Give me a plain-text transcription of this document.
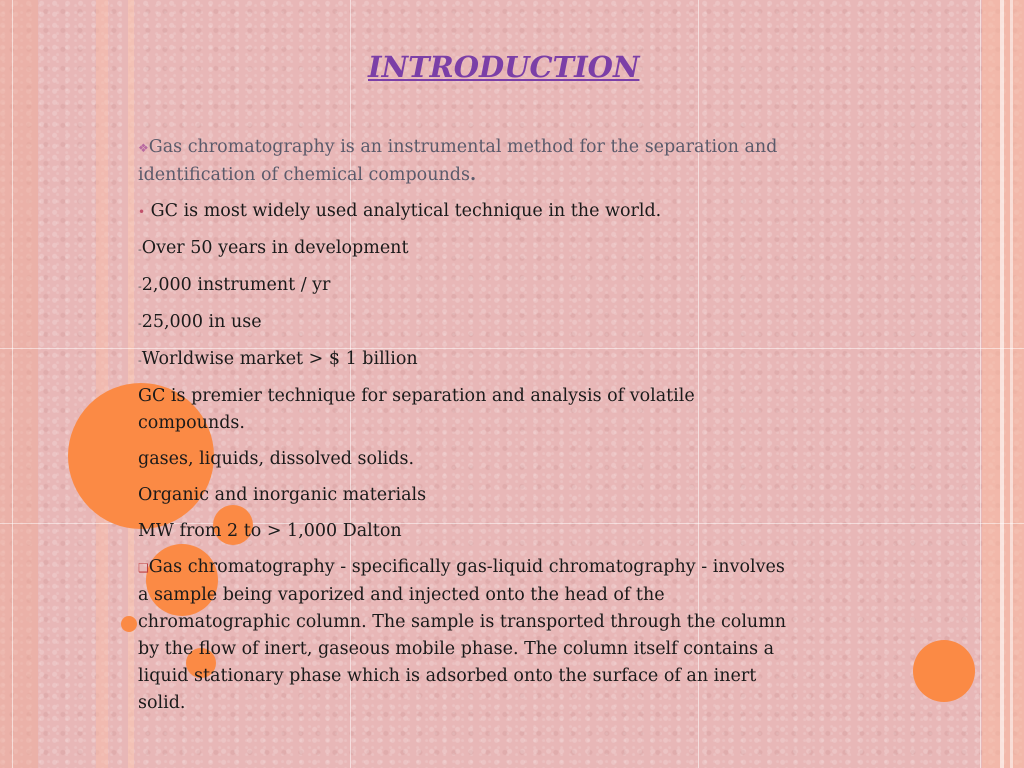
INTRODUCTION

❖Gas chromatography is an instrumental method for the separation and

identification of chemical compounds.

• GC is most widely used analytical technique in the world.

-Over 50 years in development

-2,000 instrument / yr

-25,000 in use

-Worldwise market > $ 1 billion

GC is premier technique for separation and analysis of volatile

compounds.

gases, liquids, dissolved solids.

Organic and inorganic materials

MW from 2 to > 1,000 Dalton

❑Gas chromatography - specifically gas-liquid chromatography - involves

a sample being vaporized and injected onto the head of the

chromatographic column. The sample is transported through the column

by the flow of inert, gaseous mobile phase. The column itself contains a

liquid stationary phase which is adsorbed onto the surface of an inert

solid.
